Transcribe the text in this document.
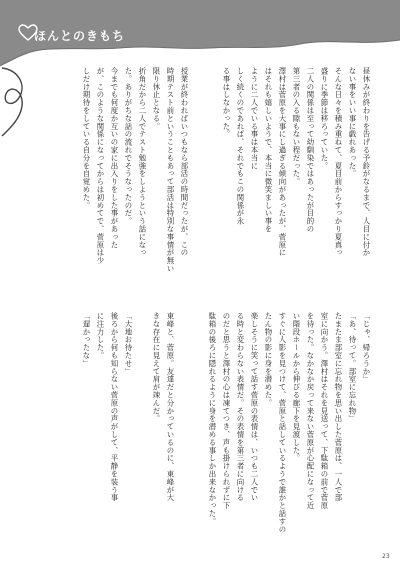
ほんとのきもち
昼休みが終わりを告げる予鈴がなるまで、人目に付か
ない事をいい事に戯れあった。
そんな日々を積み重ねて、夏目前からすっかり夏真っ
盛りに季節は移ろっていた。
二人の関係は至って幼馴染ではあったが目的の
第三者の入る隙もない程だった。
澤村は菅原を大事にし過ぎる傾向があったが、菅原に
はそれも嬉しいようで、本当に微笑ましい事を
ように二人でいる事は本当に
しく続くのであれば、それでもこの関係が永
る事はしなかった。
授業が終わればいつもなら部活の時間だったが、この
時期テスト前ということもあって部活は特別な事情が無い
限り休止となる。
折角だから二人でテスト勉強をしようという話になっ
た。ありがちな話の流れでそうなったのだ。
今までも何度か互いの家に出入りをした事があった
が、このような関係になってからは初めてで、菅原は少
しだけ期待をしている自分を自覚めた。
「じゃ、帰ろうか」
「あ、待って。部室に忘れ物」
たまたま部室に忘れ物を思い出した菅原は、一人で部
室に向かう。澤村はそれを見送って、下駄箱の前で菅原
を待った。なかなか戻って来ない菅原が心配になって近
い階段ホールから伸びる廊下を見渡した。
すぐに人影を見つけて、菅原と話しているようで誰かと話すの
たん物の影に身を潜めた。
楽しそうに笑って話す菅原の表情は、いつも二人でい
る時と変わらない表情だ。その表情を第三者に向ける
のだと思うと澤村の心は凍てつき、声も掛けられずに下
駄箱の後ろに隠れるように身を潜める事しか出来なかった。
東峰と、菅原。友達だと分かっているのに、東峰が大
きな存在に見えて肩が竦んだ。
「大地お待たせ」
後ろから何も知らない菅原の声がして、平静を装う事
に注力した。
「遅かったな」
23
